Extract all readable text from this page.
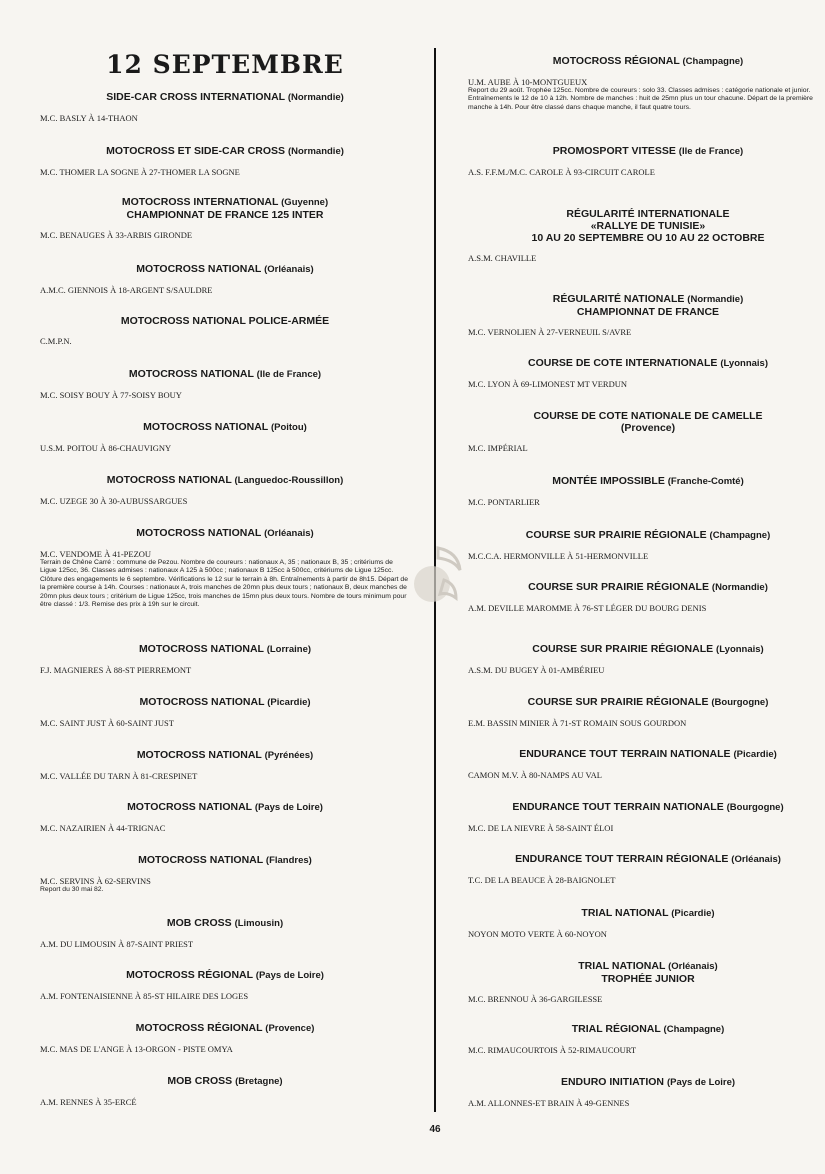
12 SEPTEMBRE
SIDE-CAR CROSS INTERNATIONAL (Normandie)
M.C. BASLY À 14-THAON
MOTOCROSS ET SIDE-CAR CROSS (Normandie)
M.C. THOMER LA SOGNE À 27-THOMER LA SOGNE
MOTOCROSS INTERNATIONAL (Guyenne)
CHAMPIONNAT DE FRANCE 125 INTER
M.C. BENAUGES À 33-ARBIS GIRONDE
MOTOCROSS NATIONAL (Orléanais)
A.M.C. GIENNOIS À 18-ARGENT S/SAULDRE
MOTOCROSS NATIONAL POLICE-ARMÉE
C.M.P.N.
MOTOCROSS NATIONAL (Ile de France)
M.C. SOISY BOUY À 77-SOISY BOUY
MOTOCROSS NATIONAL (Poitou)
U.S.M. POITOU À 86-CHAUVIGNY
MOTOCROSS NATIONAL (Languedoc-Roussillon)
M.C. UZEGE 30 À 30-AUBUSSARGUES
MOTOCROSS NATIONAL (Orléanais)
M.C. VENDOME À 41-PEZOU
Terrain de Chêne Carré : commune de Pezou. Nombre de coureurs : nationaux A, 35 ; nationaux B, 35 ; critériums de Ligue 125cc, 36. Classes admises : nationaux A 125 à 500cc ; nationaux B 125cc à 500cc, critériums de Ligue 125cc. Clôture des engagements le 6 septembre. Vérifications le 12 sur le terrain à 8h. Entraînements à partir de 8h15. Départ de la première course à 14h. Courses : nationaux A, trois manches de 20mn plus deux tours ; nationaux B, deux manches de 20mn plus deux tours ; critérium de Ligue 125cc, trois manches de 15mn plus deux tours. Nombre de tours minimum pour être classé : 1/3. Remise des prix à 19h sur le circuit.
MOTOCROSS NATIONAL (Lorraine)
F.J. MAGNIERES À 88-ST PIERREMONT
MOTOCROSS NATIONAL (Picardie)
M.C. SAINT JUST À 60-SAINT JUST
MOTOCROSS NATIONAL (Pyrénées)
M.C. VALLÉE DU TARN À 81-CRESPINET
MOTOCROSS NATIONAL (Pays de Loire)
M.C. NAZAIRIEN À 44-TRIGNAC
MOTOCROSS NATIONAL (Flandres)
M.C. SERVINS À 62-SERVINS
Report du 30 mai 82.
MOB CROSS (Limousin)
A.M. DU LIMOUSIN À 87-SAINT PRIEST
MOTOCROSS RÉGIONAL (Pays de Loire)
A.M. FONTENAISIENNE À 85-ST HILAIRE DES LOGES
MOTOCROSS RÉGIONAL (Provence)
M.C. MAS DE L'ANGE À 13-ORGON - PISTE OMYA
MOB CROSS (Bretagne)
A.M. RENNES À 35-ERCÉ
MOTOCROSS RÉGIONAL (Champagne)
U.M. AUBE À 10-MONTGUEUX
Report du 29 août. Trophée 125cc. Nombre de coureurs : solo 33. Classes admises : catégorie nationale et junior. Entraînements le 12 de 10 à 12h. Nombre de manches : huit de 25mn plus un tour chacune. Départ de la première manche à 14h. Pour être classé dans chaque manche, il faut quatre tours.
PROMOSPORT VITESSE (Ile de France)
A.S. F.F.M./M.C. CAROLE À 93-CIRCUIT CAROLE
RÉGULARITÉ INTERNATIONALE
«RALLYE DE TUNISIE»
10 AU 20 SEPTEMBRE OU 10 AU 22 OCTOBRE
A.S.M. CHAVILLE
RÉGULARITÉ NATIONALE (Normandie)
CHAMPIONNAT DE FRANCE
M.C. VERNOLIEN À 27-VERNEUIL S/AVRE
COURSE DE COTE INTERNATIONALE (Lyonnais)
M.C. LYON À 69-LIMONEST MT VERDUN
COURSE DE COTE NATIONALE DE CAMELLE
(Provence)
M.C. IMPÉRIAL
MONTÉE IMPOSSIBLE (Franche-Comté)
M.C. PONTARLIER
COURSE SUR PRAIRIE RÉGIONALE (Champagne)
M.C.C.A. HERMONVILLE À 51-HERMONVILLE
COURSE SUR PRAIRIE RÉGIONALE (Normandie)
A.M. DEVILLE MAROMME À 76-ST LÉGER DU BOURG DENIS
COURSE SUR PRAIRIE RÉGIONALE (Lyonnais)
A.S.M. DU BUGEY À 01-AMBÉRIEU
COURSE SUR PRAIRIE RÉGIONALE (Bourgogne)
E.M. BASSIN MINIER À 71-ST ROMAIN SOUS GOURDON
ENDURANCE TOUT TERRAIN NATIONALE (Picardie)
CAMON M.V. À 80-NAMPS AU VAL
ENDURANCE TOUT TERRAIN NATIONALE (Bourgogne)
M.C. DE LA NIEVRE À 58-SAINT ÉLOI
ENDURANCE TOUT TERRAIN RÉGIONALE (Orléanais)
T.C. DE LA BEAUCE À 28-BAIGNOLET
TRIAL NATIONAL (Picardie)
NOYON MOTO VERTE À 60-NOYON
TRIAL NATIONAL (Orléanais)
TROPHÉE JUNIOR
M.C. BRENNOU À 36-GARGILESSE
TRIAL RÉGIONAL (Champagne)
M.C. RIMAUCOURTOIS À 52-RIMAUCOURT
ENDURO INITIATION (Pays de Loire)
A.M. ALLONNES-ET BRAIN À 49-GENNES
46
